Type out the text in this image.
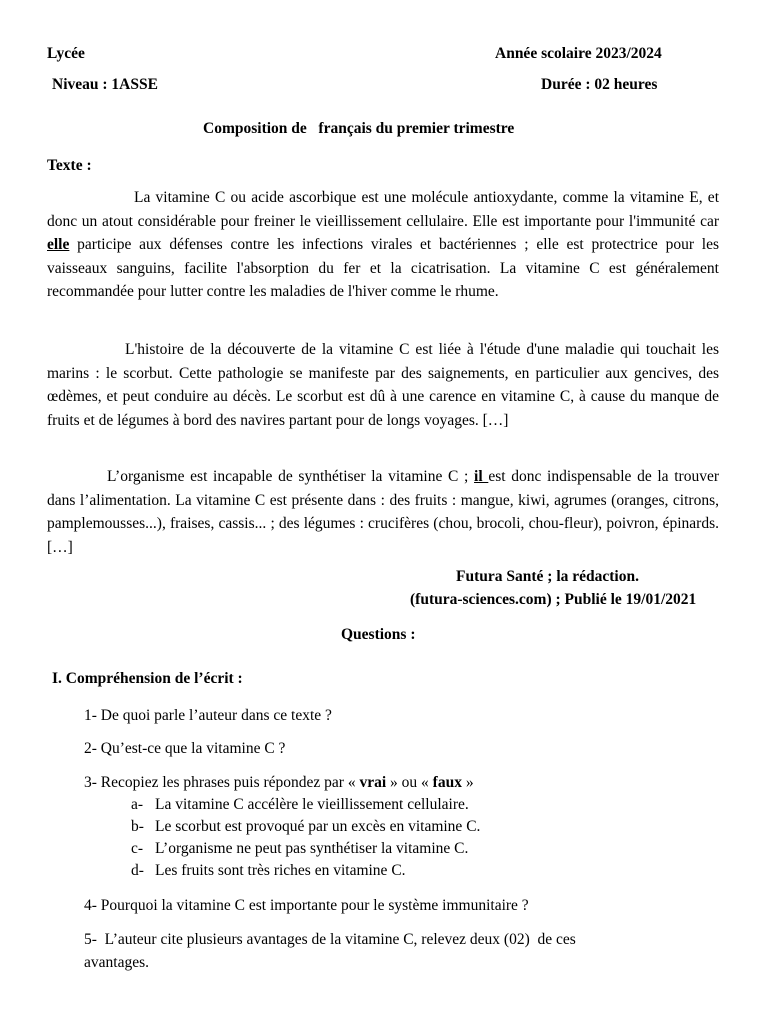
Lycée	Année scolaire 2023/2024
Niveau : 1ASSE	Durée : 02 heures
Composition de   français du premier trimestre
Texte :

La vitamine C ou acide ascorbique est une molécule antioxydante, comme la vitamine E, et donc un atout considérable pour freiner le vieillissement cellulaire. Elle est importante pour l'immunité car elle participe aux défenses contre les infections virales et bactériennes ; elle est protectrice pour les vaisseaux sanguins, facilite l'absorption du fer et la cicatrisation. La vitamine C est généralement recommandée pour lutter contre les maladies de l'hiver comme le rhume.

L'histoire de la découverte de la vitamine C est liée à l'étude d'une maladie qui touchait les marins : le scorbut. Cette pathologie se manifeste par des saignements, en particulier aux gencives, des œdèmes, et peut conduire au décès. Le scorbut est dû à une carence en vitamine C, à cause du manque de fruits et de légumes à bord des navires partant pour de longs voyages. […]

L’organisme est incapable de synthétiser la vitamine C ; il est donc indispensable de la trouver dans l’alimentation. La vitamine C est présente dans : des fruits : mangue, kiwi, agrumes (oranges, citrons, pamplemousses...), fraises, cassis... ; des légumes : crucifères (chou, brocoli, chou-fleur), poivron, épinards. […]

Futura Santé ; la rédaction.
(futura-sciences.com) ; Publié le 19/01/2021
Questions :
I. Compréhension de l’écrit :
1- De quoi parle l’auteur dans ce texte ?
2- Qu’est-ce que la vitamine C ?
3- Recopiez les phrases puis répondez par « vrai » ou « faux »
a- La vitamine C accélère le vieillissement cellulaire.
b- Le scorbut est provoqué par un excès en vitamine C.
c- L’organisme ne peut pas synthétiser la vitamine C.
d- Les fruits sont très riches en vitamine C.
4- Pourquoi la vitamine C est importante pour le système immunitaire ?
5-  L’auteur cite plusieurs avantages de la vitamine C, relevez deux (02)  de ces
avantages.
